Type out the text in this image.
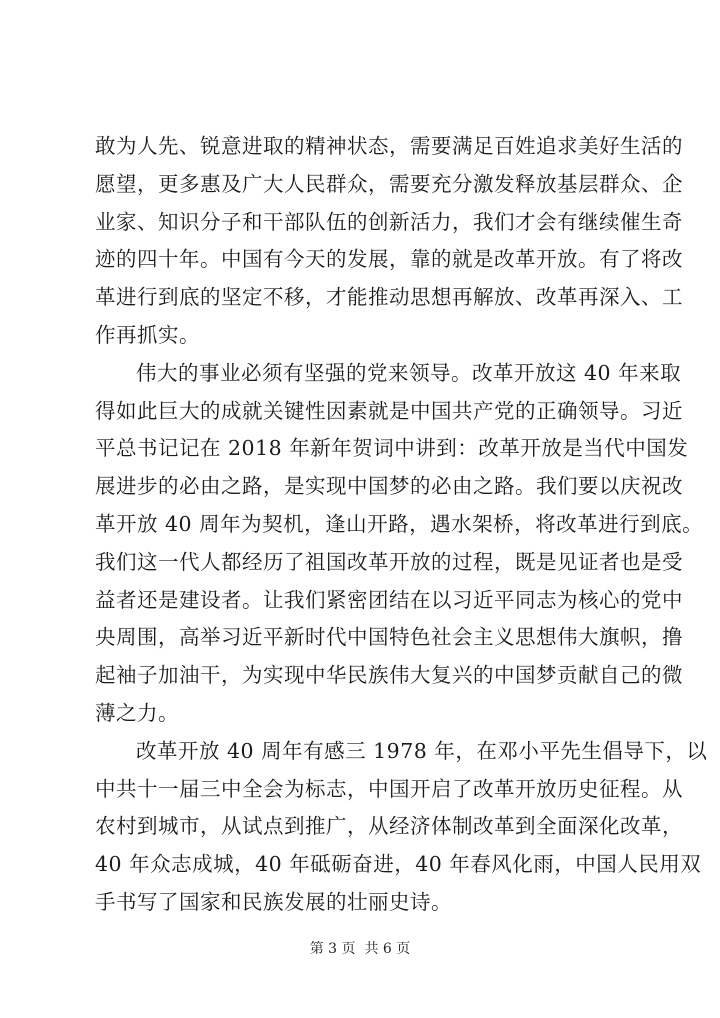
敢为人先、锐意进取的精神状态，需要满足百姓追求美好生活的
愿望，更多惠及广大人民群众，需要充分激发释放基层群众、企
业家、知识分子和干部队伍的创新活力，我们才会有继续催生奇
迹的四十年。中国有今天的发展，靠的就是改革开放。有了将改
革进行到底的坚定不移，才能推动思想再解放、改革再深入、工
作再抓实。
伟大的事业必须有坚强的党来领导。改革开放这 40 年来取
得如此巨大的成就关键性因素就是中国共产党的正确领导。习近
平总书记记在 2018 年新年贺词中讲到：改革开放是当代中国发
展进步的必由之路，是实现中国梦的必由之路。我们要以庆祝改
革开放 40 周年为契机，逢山开路，遇水架桥，将改革进行到底。
我们这一代人都经历了祖国改革开放的过程，既是见证者也是受
益者还是建设者。让我们紧密团结在以习近平同志为核心的党中
央周围，高举习近平新时代中国特色社会主义思想伟大旗帜，撸
起袖子加油干，为实现中华民族伟大复兴的中国梦贡献自己的微
薄之力。
改革开放 40 周年有感三 1978 年，在邓小平先生倡导下，以
中共十一届三中全会为标志，中国开启了改革开放历史征程。从
农村到城市，从试点到推广，从经济体制改革到全面深化改革，
40 年众志成城，40 年砥砺奋进，40 年春风化雨，中国人民用双
手书写了国家和民族发展的壮丽史诗。
第 3 页  共 6 页
